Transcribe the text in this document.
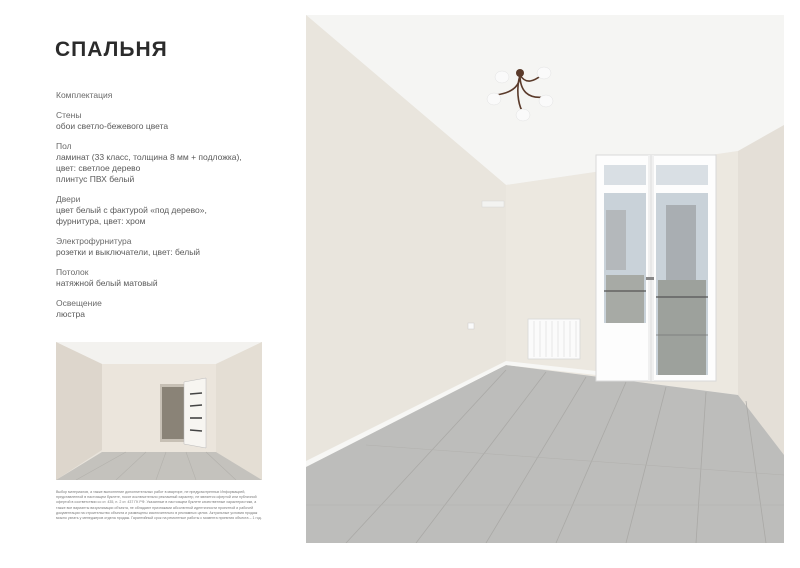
СПАЛЬНЯ
Комплектация
Стены
обои светло-бежевого цвета
Пол
ламинат (33 класс, толщина 8 мм + подложка),
цвет: светлое дерево
плинтус ПВХ белый
Двери
цвет белый с фактурой «под дерево»,
фурнитура, цвет: хром
Электрофурнитура
розетки и выключатели, цвет: белый
Потолок
натяжной белый матовый
Освещение
люстра
Выбор материалов, а также выполнение дополнительных работ в квартире, не предусмотренных Информацией, представленной в настоящем буклете, носят исключительно рекламный характер, не является офертой или публичной офертой в соответствии со ст. 435, п. 2 ст. 437 ГК РФ. Указанные в настоящем буклете качественные характеристики, а также все варианты визуализации объекта, не обладают признаками абсолютной идентичности проектной и рабочей документации на строительство объекта и размещены исключительно в рекламных целях. Актуальные условия продаж можно узнать у менеджеров отдела продаж. Гарантийный срок на ремонтные работы с момента принятия объекта – 1 год.
